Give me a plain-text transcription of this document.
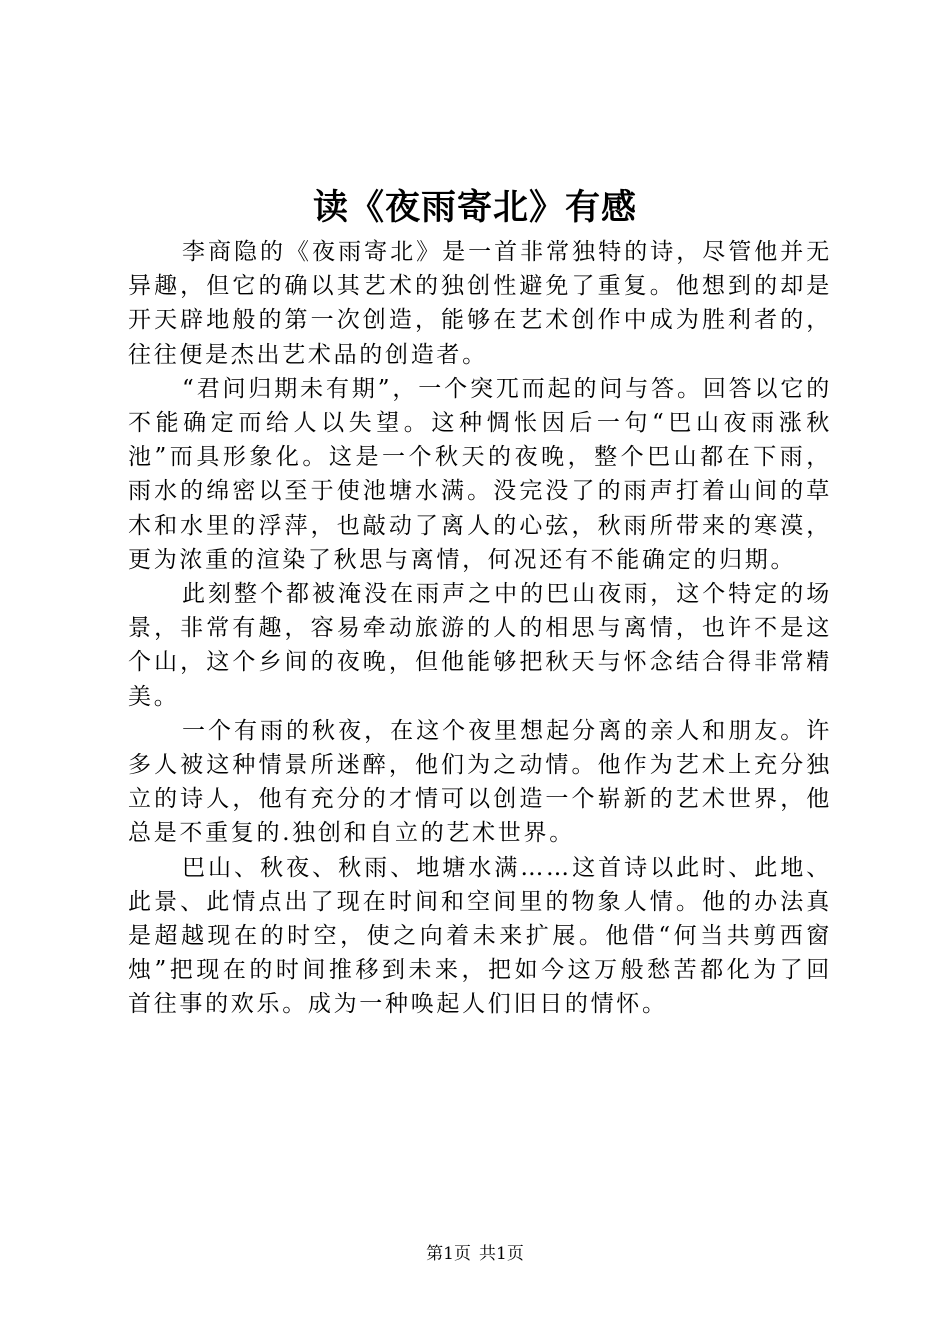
读《夜雨寄北》有感

李商隐的《夜雨寄北》是一首非常独特的诗，尽管他并无异趣，但它的确以其艺术的独创性避免了重复。他想到的却是开天辟地般的第一次创造，能够在艺术创作中成为胜利者的，往往便是杰出艺术品的创造者。

“君问归期未有期”，一个突兀而起的问与答。回答以它的不能确定而给人以失望。这种惆怅因后一句“巴山夜雨涨秋池”而具形象化。这是一个秋天的夜晚，整个巴山都在下雨，雨水的绵密以至于使池塘水满。没完没了的雨声打着山间的草木和水里的浮萍，也敲动了离人的心弦，秋雨所带来的寒漠，更为浓重的渲染了秋思与离情，何况还有不能确定的归期。

此刻整个都被淹没在雨声之中的巴山夜雨，这个特定的场景，非常有趣，容易牵动旅游的人的相思与离情，也许不是这个山，这个乡间的夜晚，但他能够把秋天与怀念结合得非常精美。

一个有雨的秋夜，在这个夜里想起分离的亲人和朋友。许多人被这种情景所迷醉，他们为之动情。他作为艺术上充分独立的诗人，他有充分的才情可以创造一个崭新的艺术世界，他总是不重复的.独创和自立的艺术世界。

巴山、秋夜、秋雨、地塘水满……这首诗以此时、此地、此景、此情点出了现在时间和空间里的物象人情。他的办法真是超越现在的时空，使之向着未来扩展。他借“何当共剪西窗烛”把现在的时间推移到未来，把如今这万般愁苦都化为了回首往事的欢乐。成为一种唤起人们旧日的情怀。

第1页 共1页
